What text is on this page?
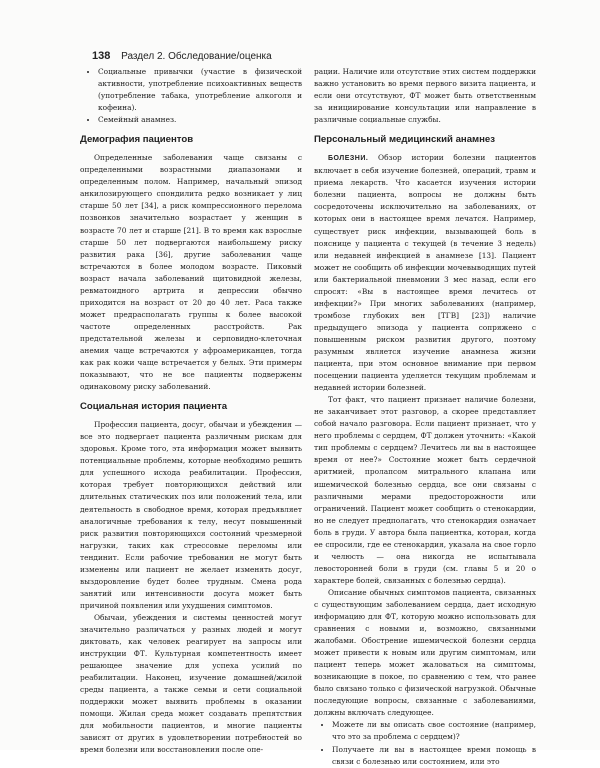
138 Раздел 2. Обследование/оценка
• Социальные привычки (участие в физической активности, употребление психоактивных веществ (употребление табака, употребление алкоголя и кофеина).
• Семейный анамнез.
Демография пациентов

Определенные заболевания чаще связаны с определенными возрастными диапазонами и определенным полом. Например, начальный эпизод анкилозирующего спондилита редко возникает у лиц старше 50 лет [34], а риск компрессионного перелома позвонков значительно возрастает у женщин в возрасте 70 лет и старше [21]. В то время как взрослые старше 50 лет подвергаются наибольшему риску развития рака [36], другие заболевания чаще встречаются в более молодом возрасте. Пиковый возраст начала заболеваний щитовидной железы, ревматоидного артрита и депрессии обычно приходится на возраст от 20 до 40 лет. Раса также может предрасполагать группы к более высокой частоте определенных расстройств. Рак предстательной железы и серповидно-клеточная анемия чаще встречаются у афроамериканцев, тогда как рак кожи чаще встречается у белых. Эти примеры показывают, что не все пациенты подвержены одинаковому риску заболеваний.

Социальная история пациента

Профессия пациента, досуг, обычаи и убеждения — все это подвергает пациента различным рискам для здоровья. Кроме того, эта информация может выявить потенциальные проблемы, которые необходимо решить для успешного исхода реабилитации. Профессия, которая требует повторяющихся действий или длительных статических поз или положений тела, или деятельность в свободное время, которая предъявляет аналогичные требования к телу, несут повышенный риск развития повторяющихся состояний чрезмерной нагрузки, таких как стрессовые переломы или тендинит. Если рабочие требования не могут быть изменены или пациент не желает изменять досуг, выздоровление будет более трудным. Смена рода занятий или интенсивности досуга может быть причиной появления или ухудшения симптомов.

Обычаи, убеждения и системы ценностей могут значительно различаться у разных людей и могут диктовать, как человек реагирует на запросы или инструкции ФТ. Культурная компетентность имеет решающее значение для успеха усилий по реабилитации. Наконец, изучение домашней/жилой среды пациента, а также семьи и сети социальной поддержки может выявить проблемы в оказании помощи. Жилая среда может создавать препятствия для мобильности пациентов, и многие пациенты зависят от других в удовлетворении потребностей во время болезни или восстановления после опе-

рации. Наличие или отсутствие этих систем поддержки важно установить во время первого визита пациента, и если они отсутствуют, ФТ может быть ответственным за инициирование консультации или направление в различные социальные службы.

Персональный медицинский анамнез

БОЛЕЗНИ. Обзор истории болезни пациентов включает в себя изучение болезней, операций, травм и приема лекарств. Что касается изучения истории болезни пациента, вопросы не должны быть сосредоточены исключительно на заболеваниях, от которых они в настоящее время лечатся. Например, существует риск инфекции, вызывающей боль в пояснице у пациента с текущей (в течение 3 недель) или недавней инфекцией в анамнезе [13]. Пациент может не сообщить об инфекции мочевыводящих путей или бактериальной пневмонии 3 мес назад, если его спросят: «Вы в настоящее время лечитесь от инфекции?» При многих заболеваниях (например, тромбозе глубоких вен [ТГВ] [23]) наличие предыдущего эпизода у пациента сопряжено с повышенным риском развития другого, поэтому разумным является изучение анамнеза жизни пациента, при этом основное внимание при первом посещении пациента уделяется текущим проблемам и недавней истории болезней.

Тот факт, что пациент признает наличие болезни, не заканчивает этот разговор, а скорее представляет собой начало разговора. Если пациент признает, что у него проблемы с сердцем, ФТ должен уточнить: «Какой тип проблемы с сердцем? Лечитесь ли вы в настоящее время от нее?» Состояние может быть сердечной аритмией, пролапсом митрального клапана или ишемической болезнью сердца, все они связаны с различными мерами предосторожности или ограничений. Пациент может сообщить о стенокардии, но не следует предполагать, что стенокардия означает боль в груди. У автора была пациентка, которая, когда ее спросили, где ее стенокардия, указала на свое горло и челюсть — она никогда не испытывала левосторонней боли в груди (см. главы 5 и 20 о характере болей, связанных с болезнью сердца).

Описание обычных симптомов пациента, связанных с существующим заболеванием сердца, дает исходную информацию для ФТ, которую можно использовать для сравнения с новыми и, возможно, связанными жалобами. Обострение ишемической болезни сердца может привести к новым или другим симптомам, или пациент теперь может жаловаться на симптомы, возникающие в покое, по сравнению с тем, что ранее было связано только с физической нагрузкой. Обычные последующие вопросы, связанные с заболеваниями, должны включать следующее.

• Можете ли вы описать свое состояние (например, что это за проблема с сердцем)?
• Получаете ли вы в настоящее время помощь в связи с болезнью или состоянием, или это
